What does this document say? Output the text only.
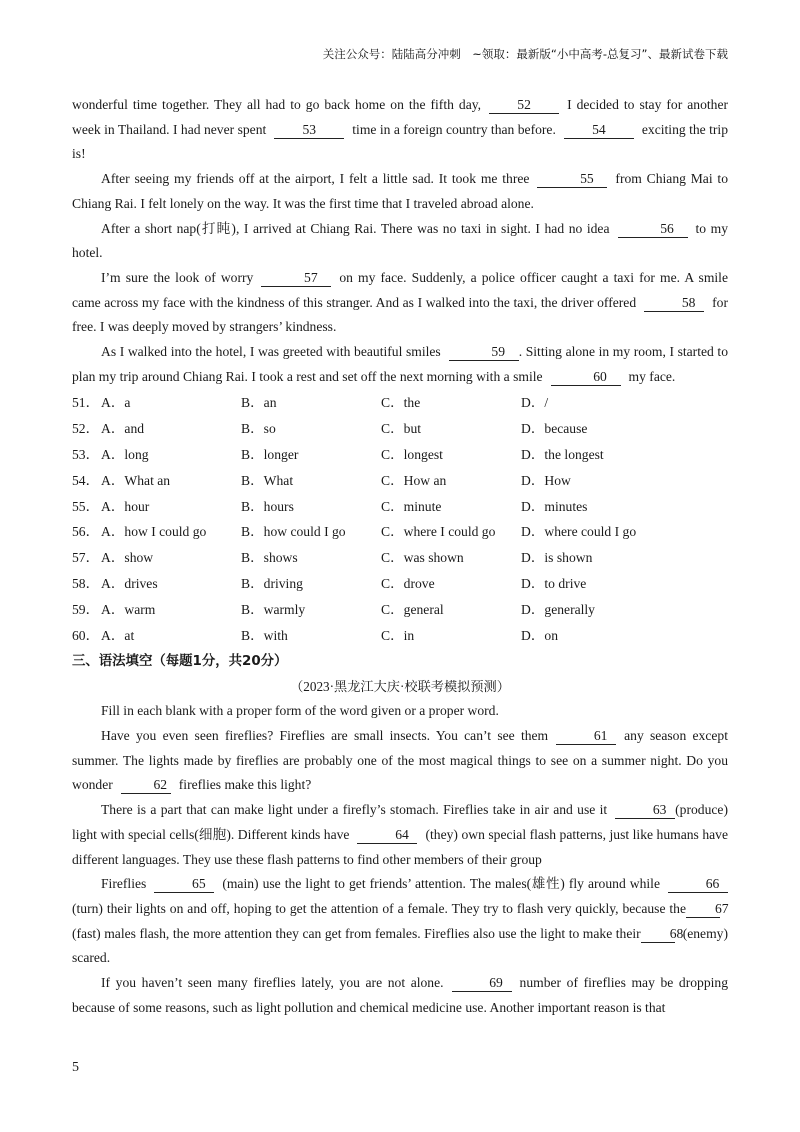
关注公众号：陆陆高分冲刺　~领取：最新版“小中高考-总复习”、最新试卷下载

wonderful time together. They all had to go back home on the fifth day,	52	I decided to stay for another week in Thailand. I had never spent	53	time in a foreign country than before.	54	exciting the trip is!

After seeing my friends off at the airport, I felt a little sad. It took me three	55 from Chiang Mai to Chiang Rai. I felt lonely on the way. It was the first time that I traveled abroad alone.

After a short nap(打盹), I arrived at Chiang Rai. There was no taxi in sight. I had no idea	56 to my hotel.

I’m sure the look of worry	57 on my face. Suddenly, a police officer caught a taxi for me. A smile came across my face with the kindness of this stranger. And as I walked into the taxi, the driver offered	58 for free. I was deeply moved by strangers’ kindness.

As I walked into the hotel, I was greeted with beautiful smiles	59 . Sitting alone in my room, I started to plan my trip around Chiang Rai. I took a rest and set off the next morning with a smile	60 my face.

51． A．a	B．an	C．the	D．/
52． A．and	B．so	C．but	D．because
53． A．long	B．longer	C．longest	D．the longest
54． A．What an	B．What	C．How an	D．How
55． A．hour	B．hours	C．minute	D．minutes
56． A．how I could go	B．how could I go	C．where I could go	D．where could I go
57． A．show	B．shows	C．was shown	D．is shown
58． A．drives	B．driving	C．drove	D．to drive
59． A．warm	B．warmly	C．general	D．generally
60． A．at	B．with	C．in	D．on
三、语法填空（每题1分，共20分）
（2023·黑龙江大庆·校联考模拟预测）

Fill in each blank with a proper form of the word given or a proper word.

Have you even seen fireflies? Fireflies are small insects. You can’t see them	61 any season except summer. The lights made by fireflies are probably one of the most magical things to see on a summer night. Do you wonder	62 fireflies make this light?

There is a part that can make light under a firefly’s stomach. Fireflies take in air and use it	63 (produce) light with special cells(细胞). Different kinds have	64 (they) own special flash patterns, just like humans have different languages. They use these flash patterns to find other members of their group

Fireflies	65 (main) use the light to get friends’ attention. The males(雄性) fly around while	66(turn) their lights on and off, hoping to get the attention of a female. They try to flash very quickly, because the 67(fast) males flash, the more attention they can get from females. Fireflies also use the light to make their 68(enemy) scared.

If you haven’t seen many fireflies lately, you are not alone.	69 number of fireflies may be dropping because of some reasons, such as light pollution and chemical medicine use. Another important reason is that

5
